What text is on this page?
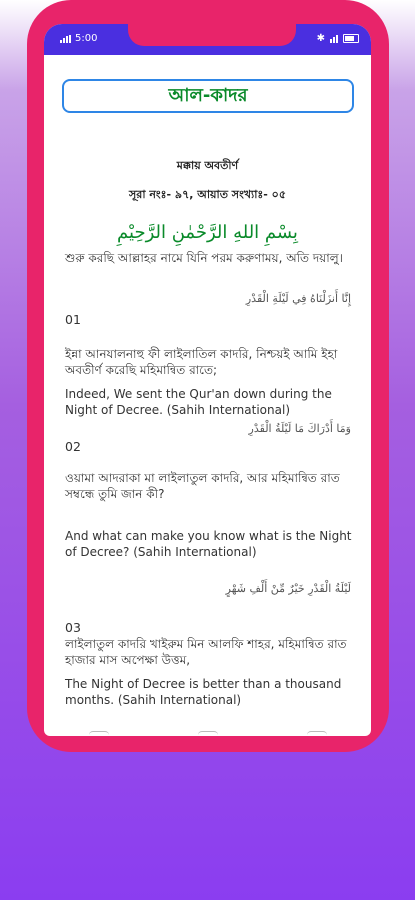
5:00	✱
আল-কাদর
মক্কায় অবতীর্ণ
সূরা নংঃ- ৯৭, আয়াত সংখ্যাঃ- ০৫
بِسْمِ اللهِ الرَّحْمٰنِ الرَّحِيْمِ
শুরু করছি আল্লাহর নামে যিনি পরম করুণাময়, অতি দয়ালু।
إِنَّا أَنزَلْنَاهُ فِي لَيْلَةِ الْقَدْرِ
01
ইন্না আনযালনাহু ফী লাইলাতিল কাদরি, নিশ্চয়ই আমি ইহা অবতীর্ণ করেছি মহিমান্বিত রাতে;
Indeed, We sent the Qur'an down during the Night of Decree. (Sahih International)
وَمَا أَدْرَاكَ مَا لَيْلَةُ الْقَدْرِ
02
ওয়ামা আদরাকা মা লাইলাতুল কাদরি, আর মহিমান্বিত রাত সম্বন্ধে তুমি জান কী?
And what can make you know what is the Night of Decree? (Sahih International)
لَيْلَةُ الْقَدْرِ خَيْرٌ مِّنْ أَلْفِ شَهْرٍ
03
লাইলাতুল কাদরি খাইরুম মিন আলফি শাহর, মহিমান্বিত রাত হাজার মাস অপেক্ষা উত্তম,
The Night of Decree is better than a thousand months. (Sahih International)
